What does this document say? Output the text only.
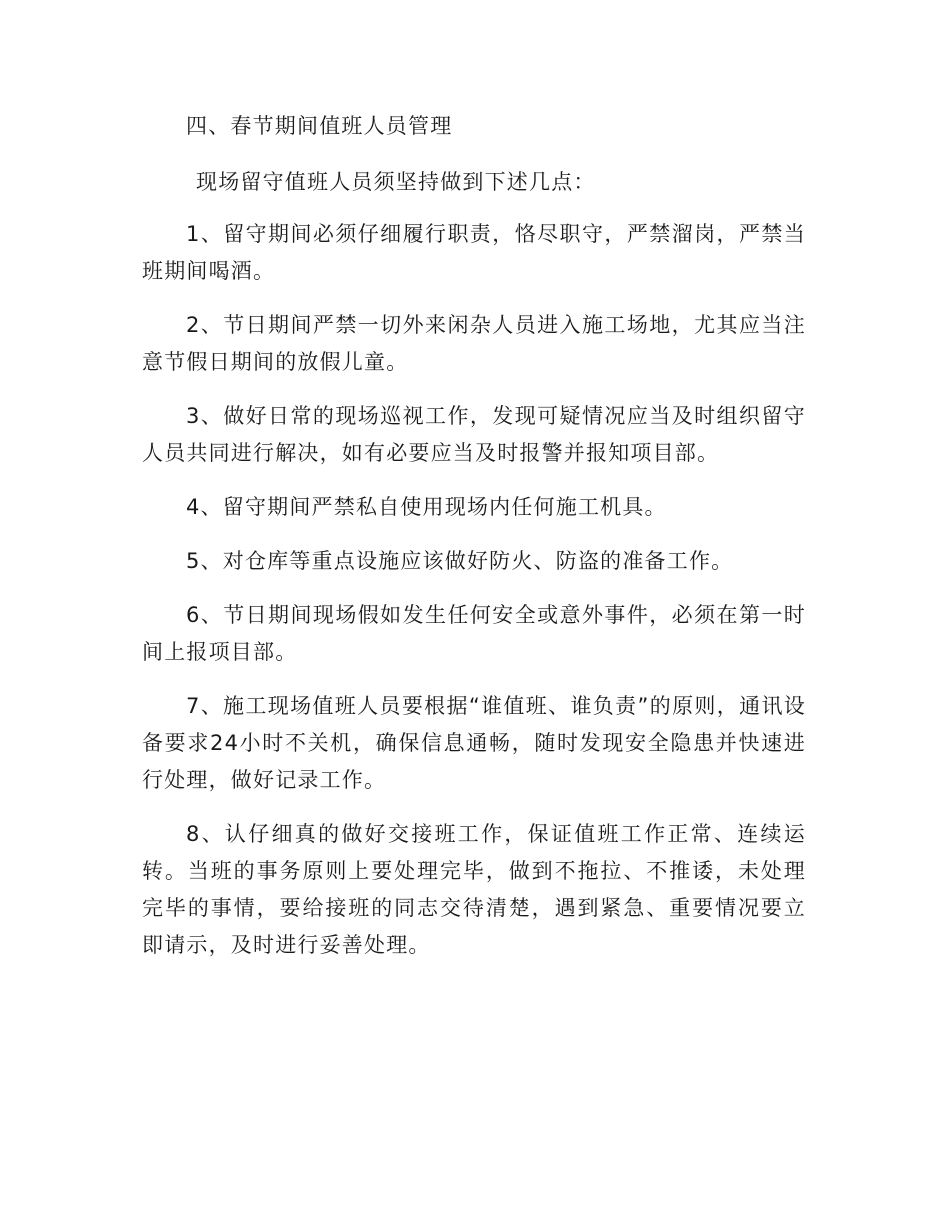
四、春节期间值班人员管理

现场留守值班人员须坚持做到下述几点：

1、留守期间必须仔细履行职责，恪尽职守，严禁溜岗，严禁当班期间喝酒。

2、节日期间严禁一切外来闲杂人员进入施工场地，尤其应当注意节假日期间的放假儿童。

3、做好日常的现场巡视工作，发现可疑情况应当及时组织留守人员共同进行解决，如有必要应当及时报警并报知项目部。

4、留守期间严禁私自使用现场内任何施工机具。

5、对仓库等重点设施应该做好防火、防盗的准备工作。

6、节日期间现场假如发生任何安全或意外事件，必须在第一时间上报项目部。

7、施工现场值班人员要根据“谁值班、谁负责”的原则，通讯设备要求24小时不关机，确保信息通畅，随时发现安全隐患并快速进行处理，做好记录工作。

8、认仔细真的做好交接班工作，保证值班工作正常、连续运转。当班的事务原则上要处理完毕，做到不拖拉、不推诿，未处理完毕的事情，要给接班的同志交待清楚，遇到紧急、重要情况要立即请示，及时进行妥善处理。
